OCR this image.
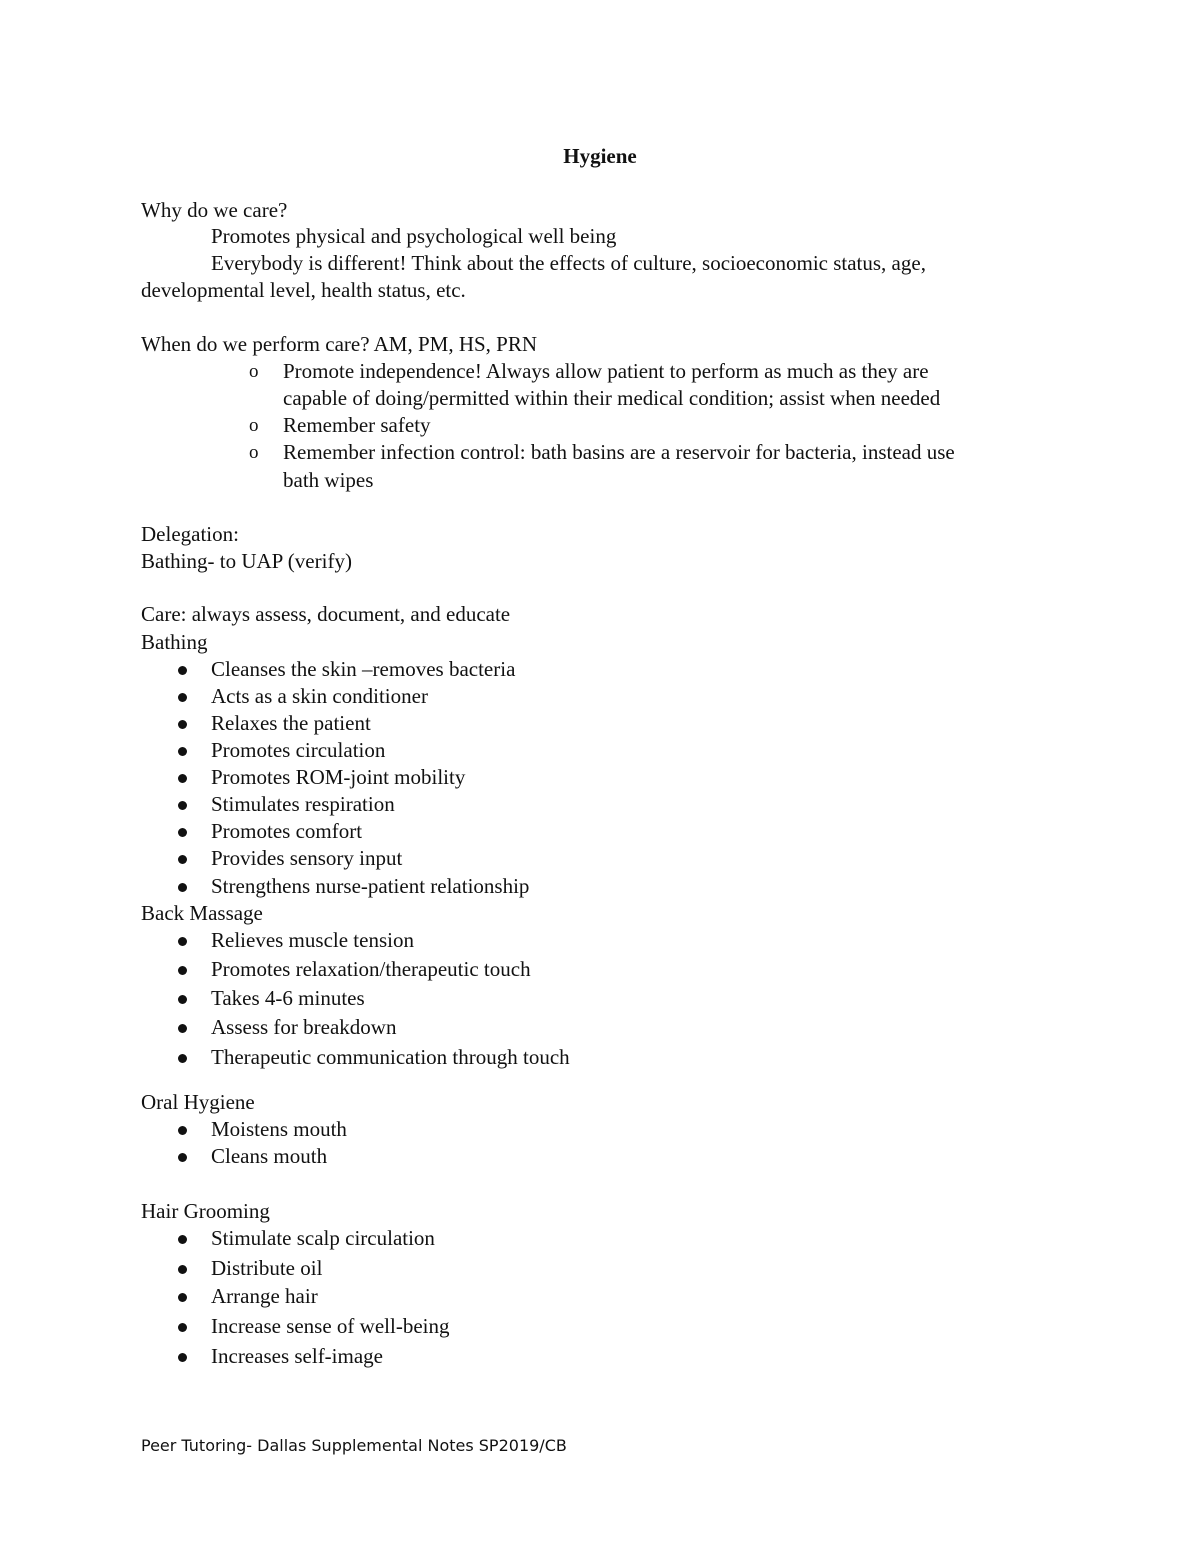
Hygiene
Why do we care?
Promotes physical and psychological well being
Everybody is different! Think about the effects of culture, socioeconomic status, age,
developmental level, health status, etc.
When do we perform care? AM, PM, HS, PRN
o Promote independence! Always allow patient to perform as much as they are
capable of doing/permitted within their medical condition; assist when needed
o Remember safety
o Remember infection control: bath basins are a reservoir for bacteria, instead use
bath wipes
Delegation:
Bathing- to UAP (verify)
Care: always assess, document, and educate
Bathing
Cleanses the skin –removes bacteria
Acts as a skin conditioner
Relaxes the patient
Promotes circulation
Promotes ROM-joint mobility
Stimulates respiration
Promotes comfort
Provides sensory input
Strengthens nurse-patient relationship
Back Massage
Relieves muscle tension
Promotes relaxation/therapeutic touch
Takes 4-6 minutes
Assess for breakdown
Therapeutic communication through touch
Oral Hygiene
Moistens mouth
Cleans mouth
Hair Grooming
Stimulate scalp circulation
Distribute oil
Arrange hair
Increase sense of well-being
Increases self-image
Peer Tutoring- Dallas Supplemental Notes SP2019/CB
